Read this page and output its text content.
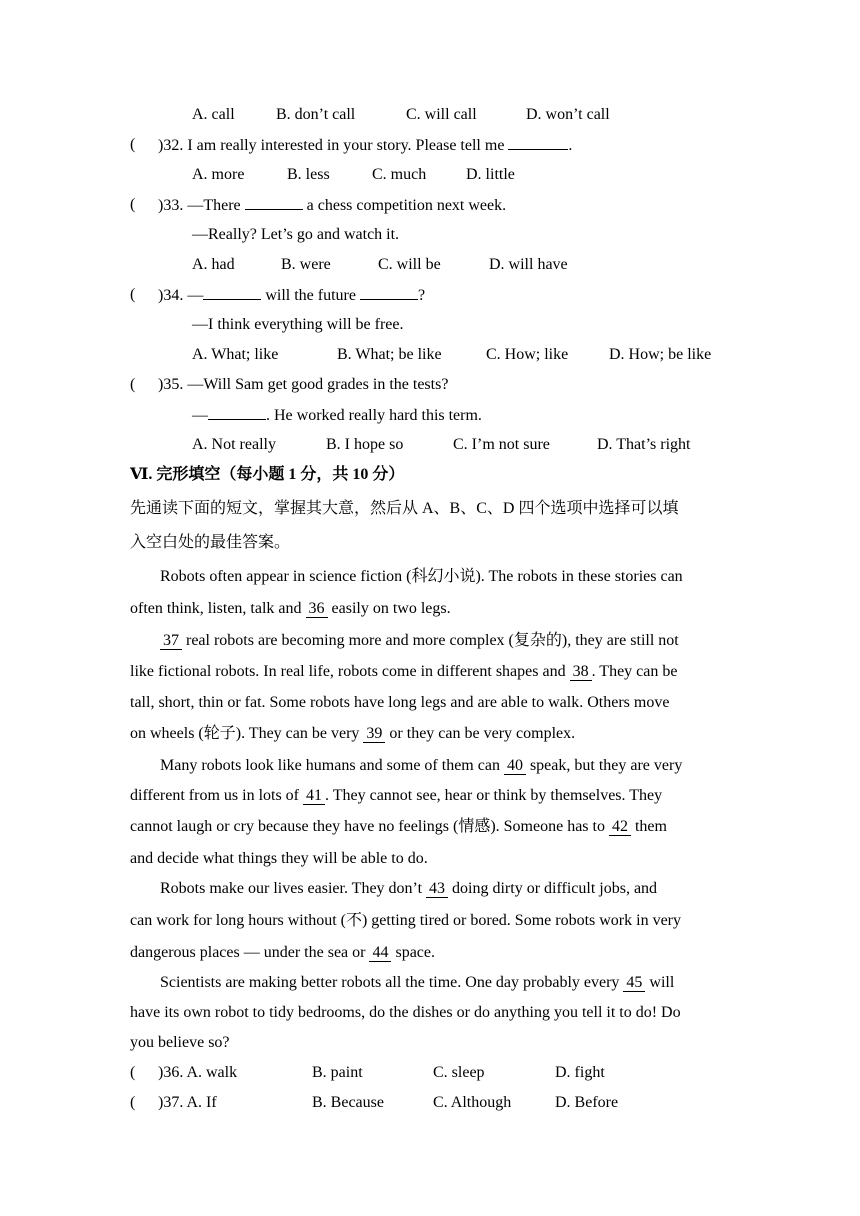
A. call	B. don’t call	C. will call	D. won’t call
( )32. I am really interested in your story. Please tell me	.
A. more	B. less	C. much D. little
( )33. —There	a chess competition next week.
—Really? Let’s go and watch it.
A. had	B. were	C. will be	D. will have
( )34. —	will the future	?
—I think everything will be free.
A. What; like	B. What; be like	C. How; like	D. How; be like
( )35. —Will Sam get good grades in the tests?
—	. He worked really hard this term.
A. Not really	B. I hope so	C. I’m not sure	D. That’s right
Ⅵ. 完形填空（每小题 1 分，共 10 分）
先通读下面的短文，掌握其大意，然后从 A、B、C、D 四个选项中选择可以填
入空白处的最佳答案。
Robots often appear in science fiction (科幻小说). The robots in these stories can
often think, listen, talk and 36 easily on two legs.
37 real robots are becoming more and more complex (复杂的), they are still not
like fictional robots. In real life, robots come in different shapes and 38 . They can be
tall, short, thin or fat. Some robots have long legs and are able to walk. Others move
on wheels (轮子). They can be very 39 or they can be very complex.
Many robots look like humans and some of them can 40 speak, but they are very
different from us in lots of 41 . They cannot see, hear or think by themselves. They
cannot laugh or cry because they have no feelings (情感). Someone has to 42 them
and decide what things they will be able to do.
Robots make our lives easier. They don’t 43 doing dirty or difficult jobs, and
can work for long hours without (不) getting tired or bored. Some robots work in very
dangerous places — under the sea or 44 space.
Scientists are making better robots all the time. One day probably every 45 will
have its own robot to tidy bedrooms, do the dishes or do anything you tell it to do! Do
you believe so?
( )36. A. walk	B. paint	C. sleep	D. fight
( )37. A. If	B. Because	C. Although	D. Before
